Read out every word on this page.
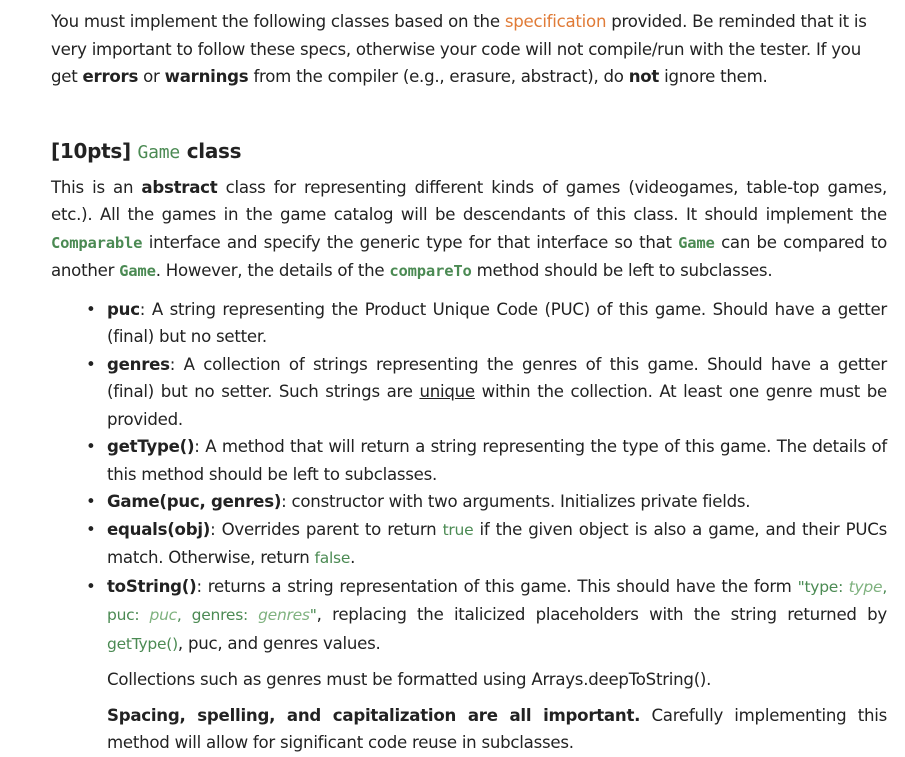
You must implement the following classes based on the specification provided. Be reminded that it is very important to follow these specs, otherwise your code will not compile/run with the tester. If you get errors or warnings from the compiler (e.g., erasure, abstract), do not ignore them.

[10pts] Game class

This is an abstract class for representing different kinds of games (videogames, table-top games, etc.). All the games in the game catalog will be descendants of this class. It should implement the Comparable interface and specify the generic type for that interface so that Game can be compared to another Game. However, the details of the compareTo method should be left to subclasses.

• puc: A string representing the Product Unique Code (PUC) of this game. Should have a getter (final) but no setter.
• genres: A collection of strings representing the genres of this game. Should have a getter (final) but no setter. Such strings are unique within the collection. At least one genre must be provided.
• getType(): A method that will return a string representing the type of this game. The details of this method should be left to subclasses.
• Game(puc, genres): constructor with two arguments. Initializes private fields.
• equals(obj): Overrides parent to return true if the given object is also a game, and their PUCs match. Otherwise, return false.
• toString(): returns a string representation of this game. This should have the form "type: type, puc: puc, genres: genres", replacing the italicized placeholders with the string returned by getType(), puc, and genres values.

Collections such as genres must be formatted using Arrays.deepToString().

Spacing, spelling, and capitalization are all important. Carefully implementing this method will allow for significant code reuse in subclasses.
